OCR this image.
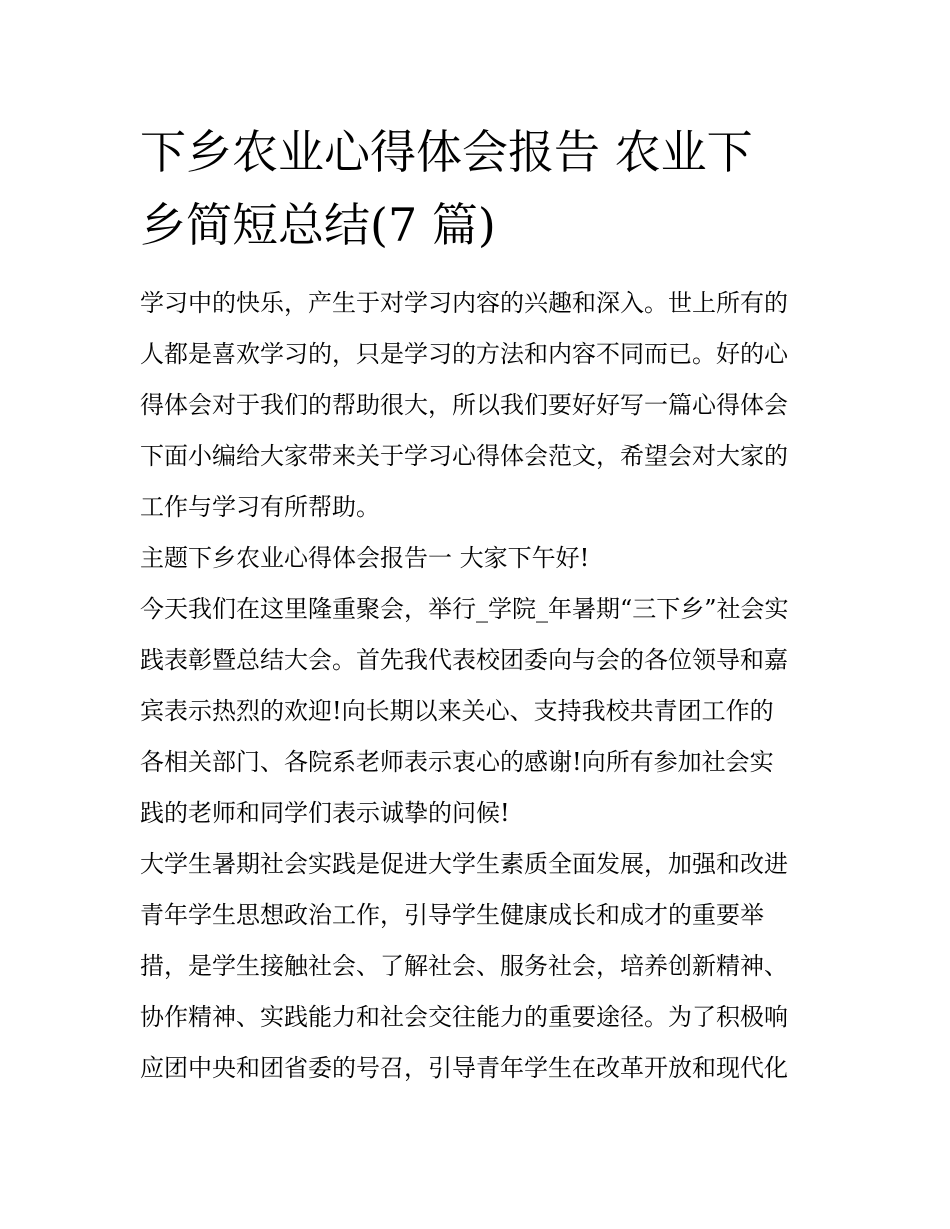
下乡农业心得体会报告 农业下
乡简短总结(7 篇)

学习中的快乐，产生于对学习内容的兴趣和深入。世上所有的
人都是喜欢学习的，只是学习的方法和内容不同而已。好的心
得体会对于我们的帮助很大，所以我们要好好写一篇心得体会
下面小编给大家带来关于学习心得体会范文，希望会对大家的
工作与学习有所帮助。

主题下乡农业心得体会报告一 大家下午好!

今天我们在这里隆重聚会，举行_学院_年暑期“三下乡”社会实
践表彰暨总结大会。首先我代表校团委向与会的各位领导和嘉
宾表示热烈的欢迎!向长期以来关心、支持我校共青团工作的
各相关部门、各院系老师表示衷心的感谢!向所有参加社会实
践的老师和同学们表示诚挚的问候!

大学生暑期社会实践是促进大学生素质全面发展，加强和改进
青年学生思想政治工作，引导学生健康成长和成才的重要举
措，是学生接触社会、了解社会、服务社会，培养创新精神、
协作精神、实践能力和社会交往能力的重要途径。为了积极响
应团中央和团省委的号召，引导青年学生在改革开放和现代化
